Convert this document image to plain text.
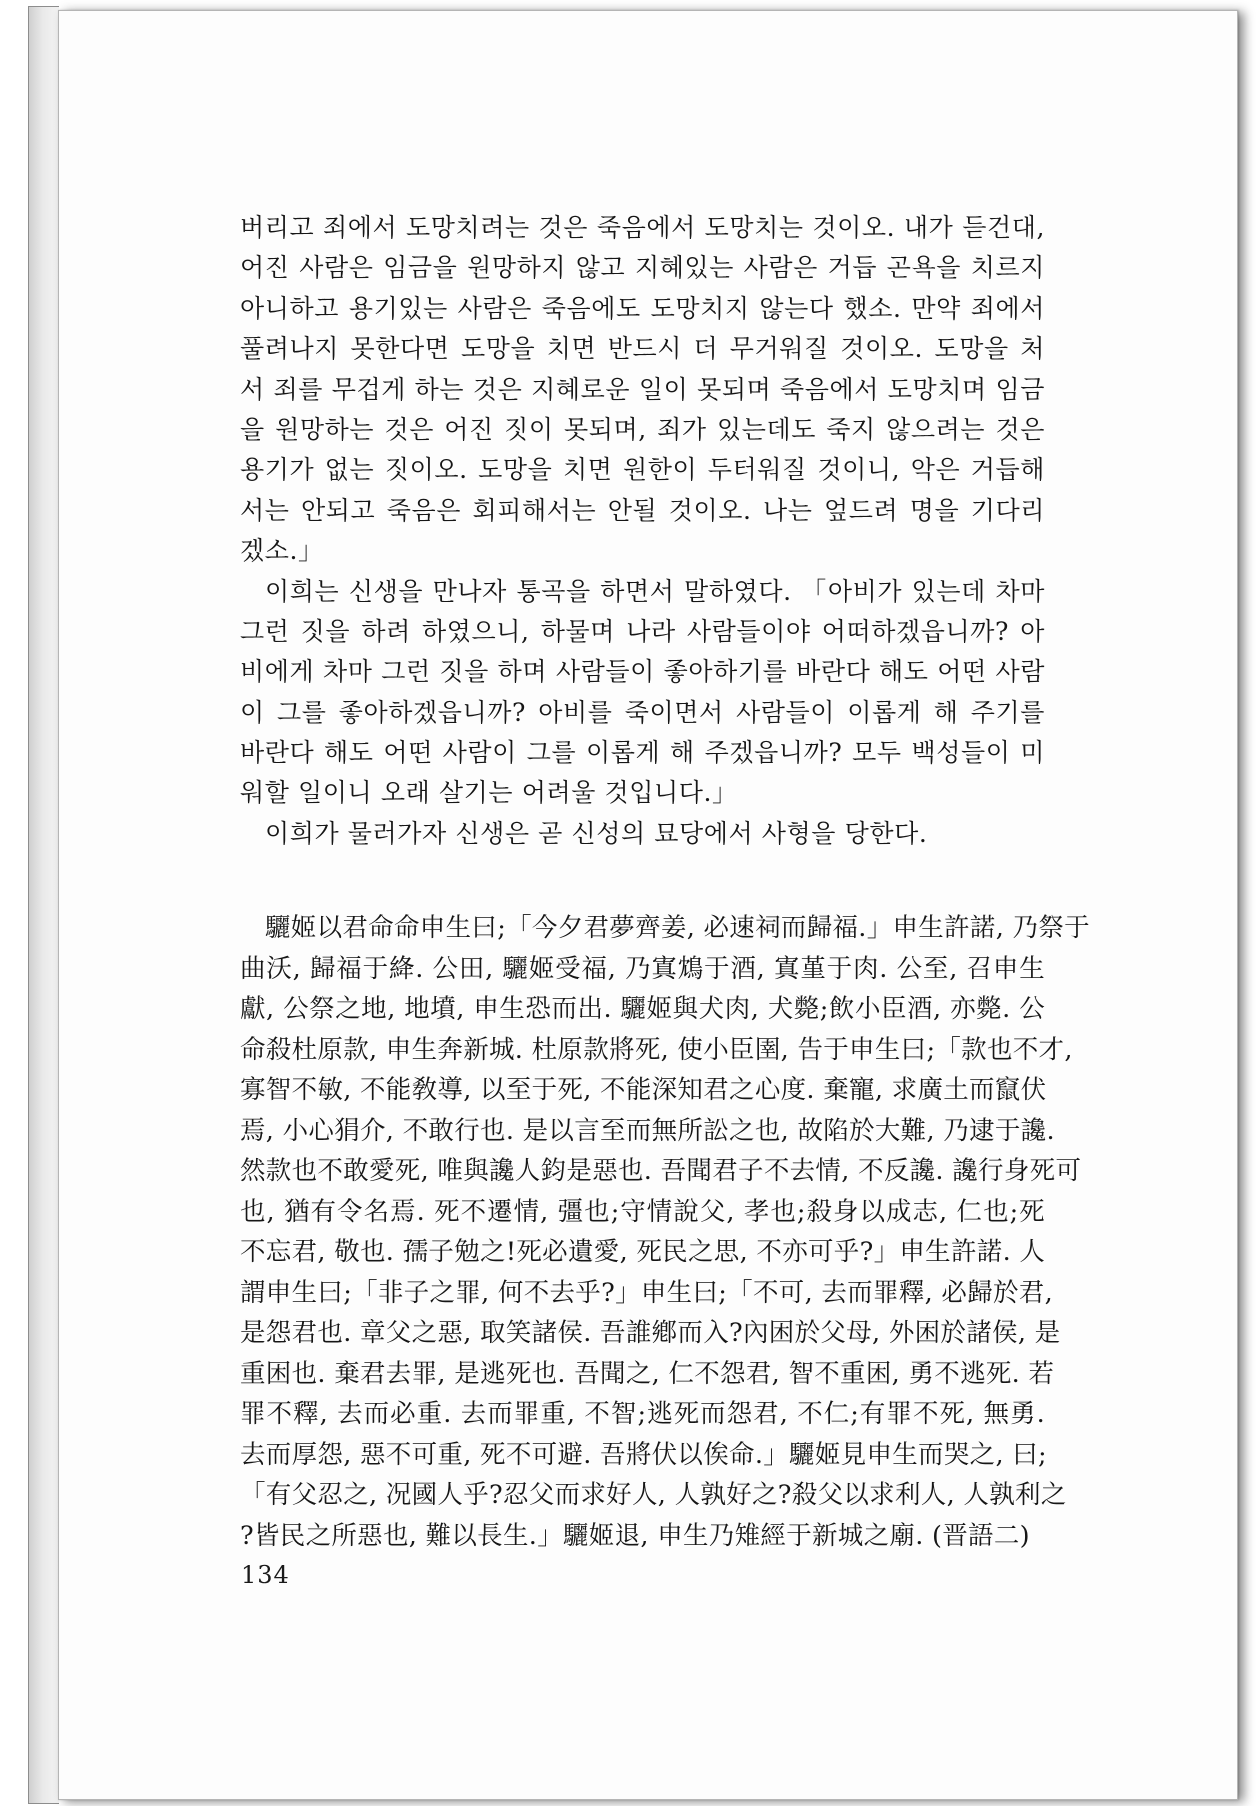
버리고 죄에서 도망치려는 것은 죽음에서 도망치는 것이오. 내가 듣건대,
어진 사람은 임금을 원망하지 않고 지혜있는 사람은 거듭 곤욕을 치르지
아니하고 용기있는 사람은 죽음에도 도망치지 않는다 했소. 만약 죄에서
풀려나지 못한다면 도망을 치면 반드시 더 무거워질 것이오. 도망을 처
서 죄를 무겁게 하는 것은 지혜로운 일이 못되며 죽음에서 도망치며 임금
을 원망하는 것은 어진 짓이 못되며, 죄가 있는데도 죽지 않으려는 것은
용기가 없는 짓이오. 도망을 치면 원한이 두터워질 것이니, 악은 거듭해
서는 안되고 죽음은 회피해서는 안될 것이오. 나는 엎드려 명을 기다리
겠소.」
이희는 신생을 만나자 통곡을 하면서 말하였다. 「아비가 있는데 차마
그런 짓을 하려 하였으니, 하물며 나라 사람들이야 어떠하겠읍니까? 아
비에게 차마 그런 짓을 하며 사람들이 좋아하기를 바란다 해도 어떤 사람
이 그를 좋아하겠읍니까? 아비를 죽이면서 사람들이 이롭게 해 주기를
바란다 해도 어떤 사람이 그를 이롭게 해 주겠읍니까? 모두 백성들이 미
워할 일이니 오래 살기는 어려울 것입니다.」
이희가 물러가자 신생은 곧 신성의 묘당에서 사형을 당한다.
驪姬以君命命申生曰;「今夕君夢齊姜, 必速祠而歸福.」申生許諾, 乃祭于
曲沃, 歸福于絳. 公田, 驪姬受福, 乃寘鴆于酒, 寘堇于肉. 公至, 召申生
獻, 公祭之地, 地墳, 申生恐而出. 驪姬與犬肉, 犬斃;飲小臣酒, 亦斃. 公
命殺杜原款, 申生奔新城. 杜原款將死, 使小臣圉, 告于申生曰;「款也不才,
寡智不敏, 不能敎導, 以至于死, 不能深知君之心度. 棄寵, 求廣土而竄伏
焉, 小心狷介, 不敢行也. 是以言至而無所訟之也, 故陷於大難, 乃逮于讒.
然款也不敢愛死, 唯與讒人鈞是惡也. 吾聞君子不去情, 不反讒. 讒行身死可
也, 猶有令名焉. 死不遷情, 彊也;守情說父, 孝也;殺身以成志, 仁也;死
不忘君, 敬也. 孺子勉之!死必遺愛, 死民之思, 不亦可乎?」申生許諾. 人
謂申生曰;「非子之罪, 何不去乎?」申生曰;「不可, 去而罪釋, 必歸於君,
是怨君也. 章父之惡, 取笑諸侯. 吾誰鄕而入?內困於父母, 外困於諸侯, 是
重困也. 棄君去罪, 是逃死也. 吾聞之, 仁不怨君, 智不重困, 勇不逃死. 若
罪不釋, 去而必重. 去而罪重, 不智;逃死而怨君, 不仁;有罪不死, 無勇.
去而厚怨, 惡不可重, 死不可避. 吾將伏以俟命.」驪姬見申生而哭之, 曰;
「有父忍之, 况國人乎?忍父而求好人, 人孰好之?殺父以求利人, 人孰利之
?皆民之所惡也, 難以長生.」驪姬退, 申生乃雉經于新城之廟. (晋語二)
134
